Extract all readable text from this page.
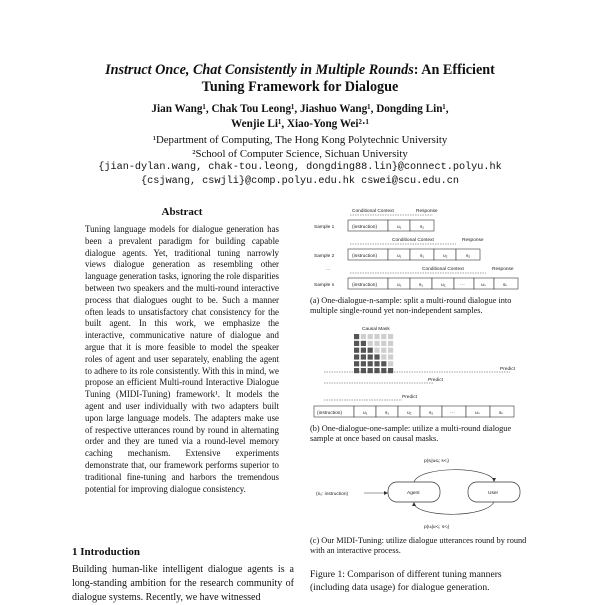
Instruct Once, Chat Consistently in Multiple Rounds: An Efficient
Tuning Framework for Dialogue
Jian Wang¹, Chak Tou Leong¹, Jiashuo Wang¹, Dongding Lin¹,
Wenjie Li¹, Xiao-Yong Wei²·¹
¹Department of Computing, The Hong Kong Polytechnic University
²School of Computer Science, Sichuan University
{jian-dylan.wang, chak-tou.leong, dongding88.lin}@connect.polyu.hk
{csjwang, cswjli}@comp.polyu.edu.hk cswei@scu.edu.cn
Abstract
Tuning language models for dialogue generation has been a prevalent paradigm for building capable dialogue agents. Yet, traditional tuning narrowly views dialogue generation as resembling other language generation tasks, ignoring the role disparities between two speakers and the multi-round interactive process that dialogues ought to be. Such a manner often leads to unsatisfactory chat consistency for the built agent. In this work, we emphasize the interactive, communicative nature of dialogue and argue that it is more feasible to model the speaker roles of agent and user separately, enabling the agent to adhere to its role consistently. With this in mind, we propose an efficient Multi-round Interactive Dialogue Tuning (MIDI-Tuning) framework¹. It models the agent and user individually with two adapters built upon large language models. The adapters make use of respective utterances round by round in alternating order and they are tuned via a round-level memory caching mechanism. Extensive experiments demonstrate that, our framework performs superior to traditional fine-tuning and harbors the tremendous potential for improving dialogue consistency.
1 Introduction
Building human-like intelligent dialogue agents is a long-standing ambition for the research community of dialogue systems. Recently, we have witnessed
Conditional Context	Response
Sample 1	(instruction)	u₁	s₁
Conditional Context	Response
Sample 2	(instruction)	u₁	s₁	u₂	s₂
...	Conditional Context	Response
Sample n	(instruction)	u₁	s₁	u₂	···	uₙ	sₙ
(a) One-dialogue-n-sample: split a multi-round dialogue into multiple single-round yet non-independent samples.
Causal Mask
Predict
Predict
Predict
(instruction)	u₁	s₁	u₂	s₂	···	uₙ	sₙ
(b) One-dialogue-one-sample: utilize a multi-round dialogue sample at once based on causal masks.
p(sᵢ|u≤ᵢ; s<ᵢ)
(s₀: instruction)	Agent	User
p(uᵢ|u<ᵢ; s<ᵢ)
(c) Our MIDI-Tuning: utilize dialogue utterances round by round with an interactive process.
Figure 1: Comparison of different tuning manners (including data usage) for dialogue generation.
